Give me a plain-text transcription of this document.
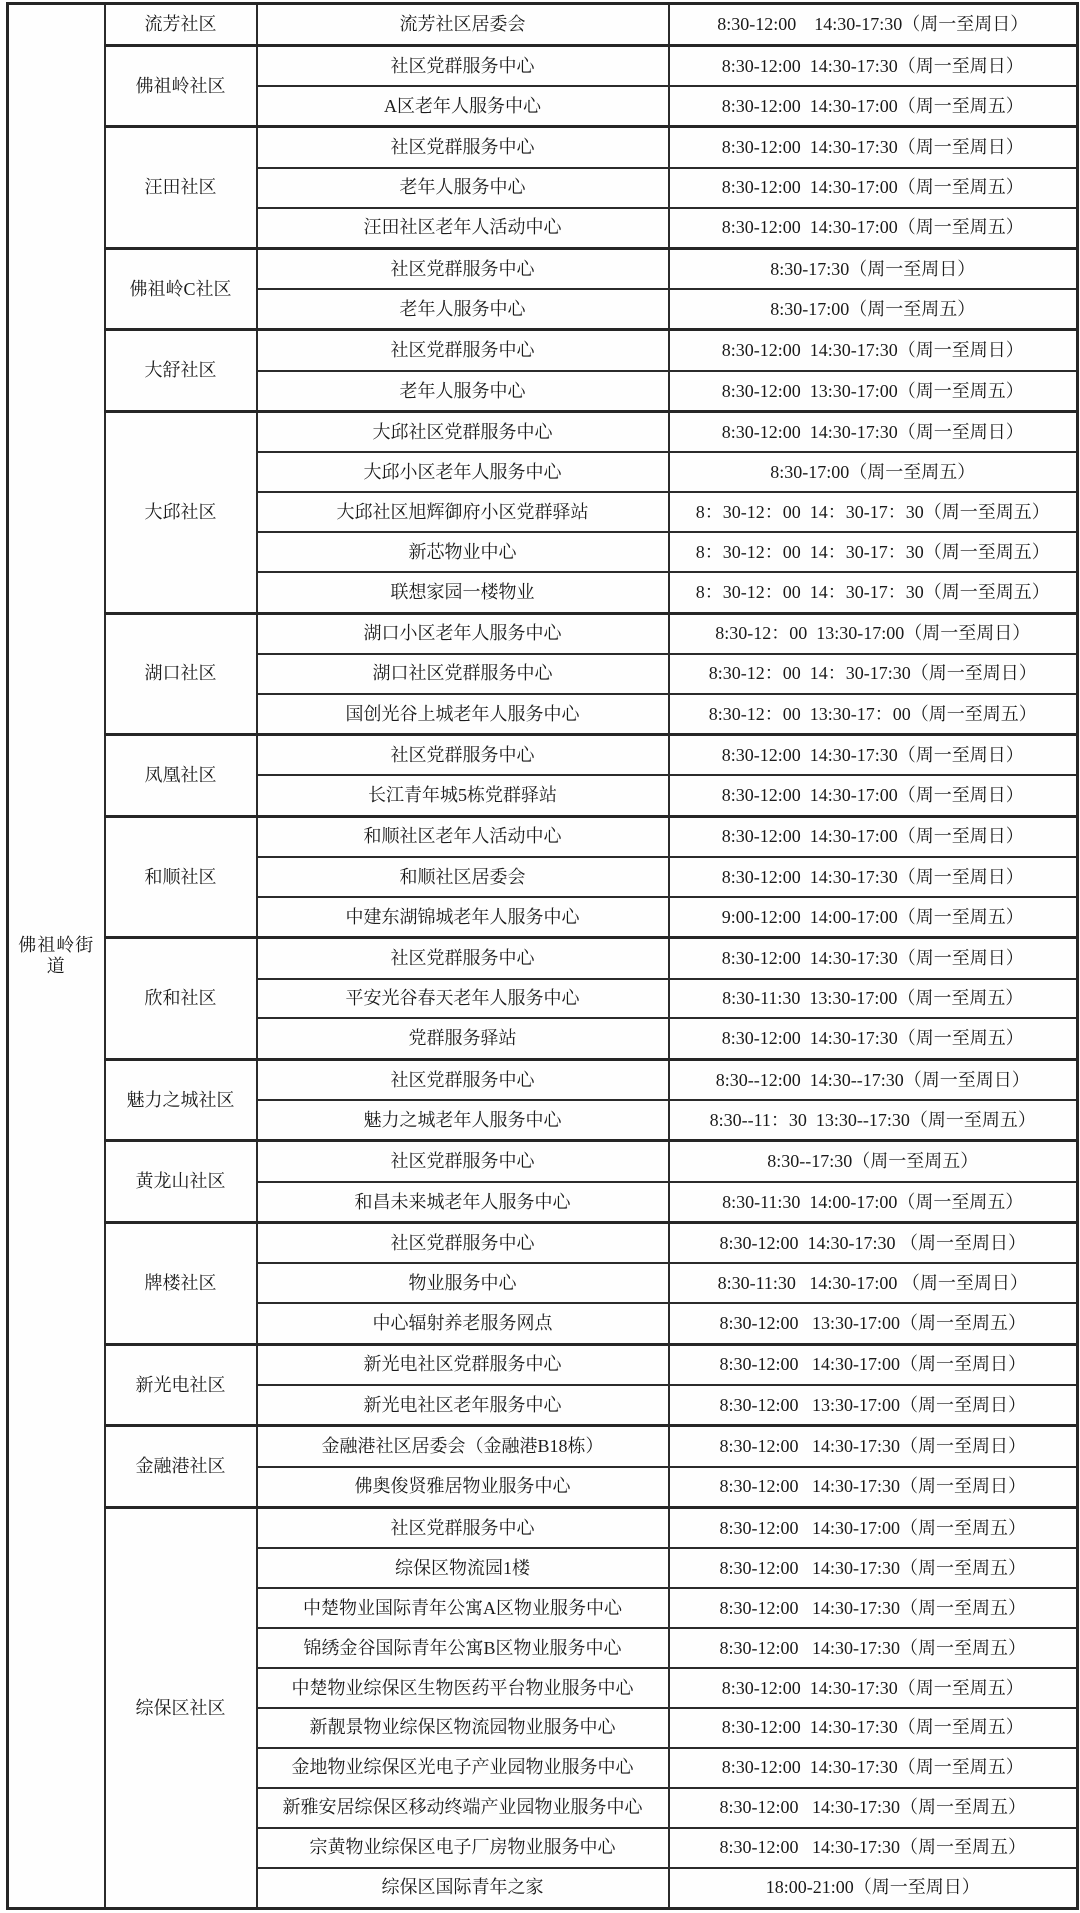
佛祖岭街道	流芳社区	流芳社区居委会	8:30-12:00    14:30-17:30（周一至周日）
	佛祖岭社区	社区党群服务中心	8:30-12:00  14:30-17:30（周一至周日）
		A区老年人服务中心	8:30-12:00  14:30-17:00（周一至周五）
	汪田社区	社区党群服务中心	8:30-12:00  14:30-17:30（周一至周日）
		老年人服务中心	8:30-12:00  14:30-17:00（周一至周五）
		汪田社区老年人活动中心	8:30-12:00  14:30-17:00（周一至周五）
	佛祖岭C社区	社区党群服务中心	8:30-17:30（周一至周日）
		老年人服务中心	8:30-17:00（周一至周五）
	大舒社区	社区党群服务中心	8:30-12:00  14:30-17:30（周一至周日）
		老年人服务中心	8:30-12:00  13:30-17:00（周一至周五）
	大邱社区	大邱社区党群服务中心	8:30-12:00  14:30-17:30（周一至周日）
		大邱小区老年人服务中心	8:30-17:00（周一至周五）
		大邱社区旭辉御府小区党群驿站	8：30-12：00  14：30-17：30（周一至周五）
		新芯物业中心	8：30-12：00  14：30-17：30（周一至周五）
		联想家园一楼物业	8：30-12：00  14：30-17：30（周一至周五）
	湖口社区	湖口小区老年人服务中心	8:30-12：00  13:30-17:00（周一至周日）
		湖口社区党群服务中心	8:30-12：00  14：30-17:30（周一至周日）
		国创光谷上城老年人服务中心	8:30-12：00  13:30-17：00（周一至周五）
	凤凰社区	社区党群服务中心	8:30-12:00  14:30-17:30（周一至周日）
		长江青年城5栋党群驿站	8:30-12:00  14:30-17:00（周一至周日）
	和顺社区	和顺社区老年人活动中心	8:30-12:00  14:30-17:00（周一至周日）
		和顺社区居委会	8:30-12:00  14:30-17:30（周一至周日）
		中建东湖锦城老年人服务中心	9:00-12:00  14:00-17:00（周一至周五）
	欣和社区	社区党群服务中心	8:30-12:00  14:30-17:30（周一至周日）
		平安光谷春天老年人服务中心	8:30-11:30  13:30-17:00（周一至周五）
		党群服务驿站	8:30-12:00  14:30-17:30（周一至周五）
	魅力之城社区	社区党群服务中心	8:30--12:00  14:30--17:30（周一至周日）
		魅力之城老年人服务中心	8:30--11：30  13:30--17:30（周一至周五）
	黄龙山社区	社区党群服务中心	8:30--17:30（周一至周五）
		和昌未来城老年人服务中心	8:30-11:30  14:00-17:00（周一至周五）
	牌楼社区	社区党群服务中心	8:30-12:00  14:30-17:30 （周一至周日）
		物业服务中心	8:30-11:30   14:30-17:00 （周一至周日）
		中心辐射养老服务网点	8:30-12:00   13:30-17:00（周一至周五）
	新光电社区	新光电社区党群服务中心	8:30-12:00   14:30-17:00（周一至周日）
		新光电社区老年服务中心	8:30-12:00   13:30-17:00（周一至周日）
	金融港社区	金融港社区居委会（金融港B18栋）	8:30-12:00   14:30-17:30（周一至周日）
		佛奥俊贤雅居物业服务中心	8:30-12:00   14:30-17:30（周一至周日）
	综保区社区	社区党群服务中心	8:30-12:00   14:30-17:00（周一至周五）
		综保区物流园1楼	8:30-12:00   14:30-17:30（周一至周五）
		中楚物业国际青年公寓A区物业服务中心	8:30-12:00   14:30-17:30（周一至周五）
		锦绣金谷国际青年公寓B区物业服务中心	8:30-12:00   14:30-17:30（周一至周五）
		中楚物业综保区生物医药平台物业服务中心	8:30-12:00  14:30-17:30（周一至周五）
		新靓景物业综保区物流园物业服务中心	8:30-12:00  14:30-17:30（周一至周五）
		金地物业综保区光电子产业园物业服务中心	8:30-12:00  14:30-17:30（周一至周五）
		新雅安居综保区移动终端产业园物业服务中心	8:30-12:00   14:30-17:30（周一至周五）
		宗黄物业综保区电子厂房物业服务中心	8:30-12:00   14:30-17:30（周一至周五）
		综保区国际青年之家	18:00-21:00（周一至周日）
